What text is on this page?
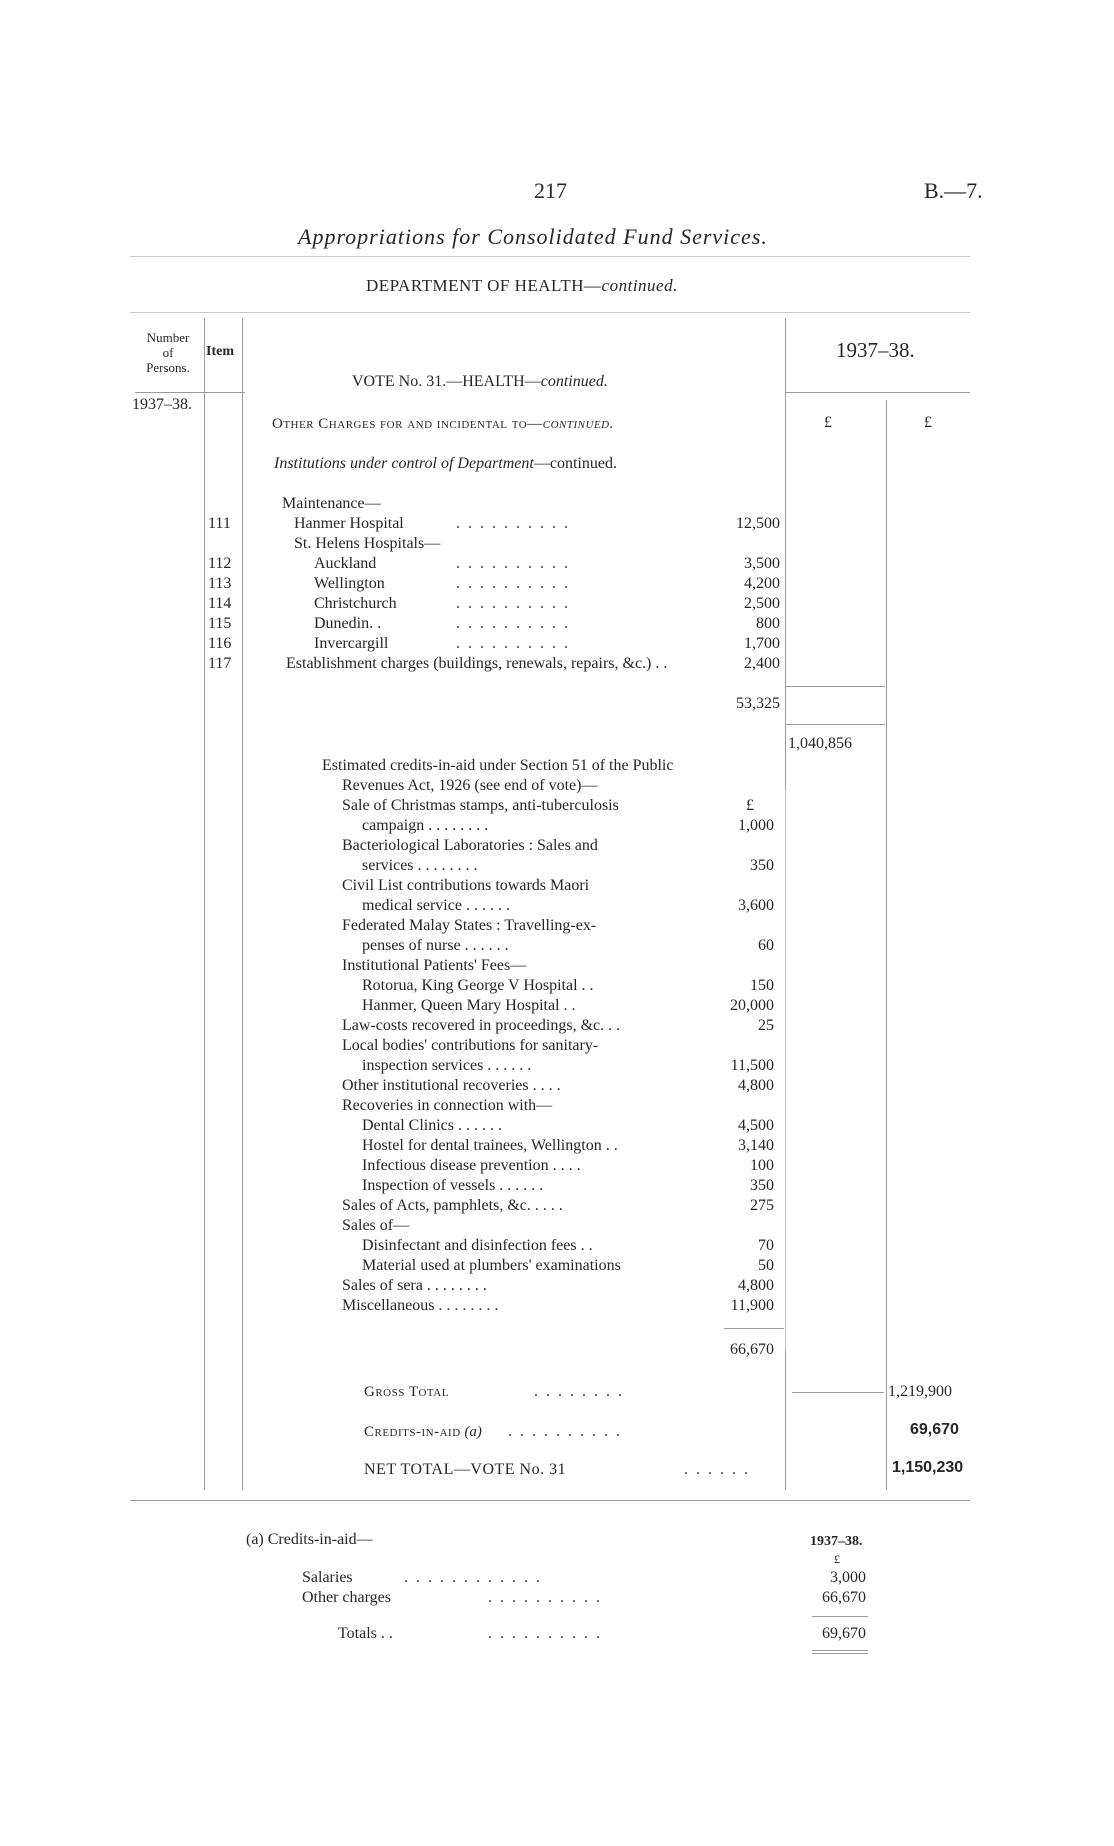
217	B.—7.
Appropriations for Consolidated Fund Services.
DEPARTMENT OF HEALTH—continued.
Number
of
Persons.
Item	1937–38.
1937–38.
£	£
VOTE No. 31.—HEALTH—continued.
Other Charges for and incidental to—continued.
Institutions under control of Department—continued.
Maintenance—
111	Hanmer Hospital	. . . . . . . . . .	12,500
St. Helens Hospitals—
112	Auckland	. . . . . . . . . .	3,500
113	Wellington	. . . . . . . . . .	4,200
114	Christchurch	. . . . . . . . . .	2,500
115	Dunedin. .	. . . . . . . . . .	800
116	Invercargill	. . . . . . . . . .	1,700
117	Establishment charges (buildings, renewals, repairs, &c.) . .	2,400
53,325
1,040,856
Estimated credits-in-aid under Section 51 of the Public
Revenues Act, 1926 (see end of vote)—
£
Sale of Christmas stamps, anti-tuberculosis
campaign . . . . . . . .	1,000
Bacteriological Laboratories : Sales and
services . . . . . . . .	350
Civil List contributions towards Maori
medical service . . . . . .	3,600
Federated Malay States : Travelling-ex-
penses of nurse . . . . . .	60
Institutional Patients' Fees—
Rotorua, King George V Hospital . .	150
Hanmer, Queen Mary Hospital . .	20,000
Law-costs recovered in proceedings, &c. . .	25
Local bodies' contributions for sanitary-
inspection services . . . . . .	11,500
Other institutional recoveries . . . .	4,800
Recoveries in connection with—
Dental Clinics . . . . . .	4,500
Hostel for dental trainees, Wellington . .	3,140
Infectious disease prevention . . . .	100
Inspection of vessels . . . . . .	350
Sales of Acts, pamphlets, &c. . . . .	275
Sales of—
Disinfectant and disinfection fees . .	70
Material used at plumbers' examinations	50
Sales of sera . . . . . . . .	4,800
Miscellaneous . . . . . . . .	11,900
66,670
Gross Total	. . . . . . . .	1,219,900
Credits-in-aid (a) . . . . . . . . . .	69,670
NET TOTAL—VOTE No. 31	. . . . . .	1,150,230
(a) Credits-in-aid—	1937–38.
£
Salaries	. . . . . . . . . . . .	3,000
Other charges	. . . . . . . . . .	66,670
Totals . .	. . . . . . . . . .	69,670
